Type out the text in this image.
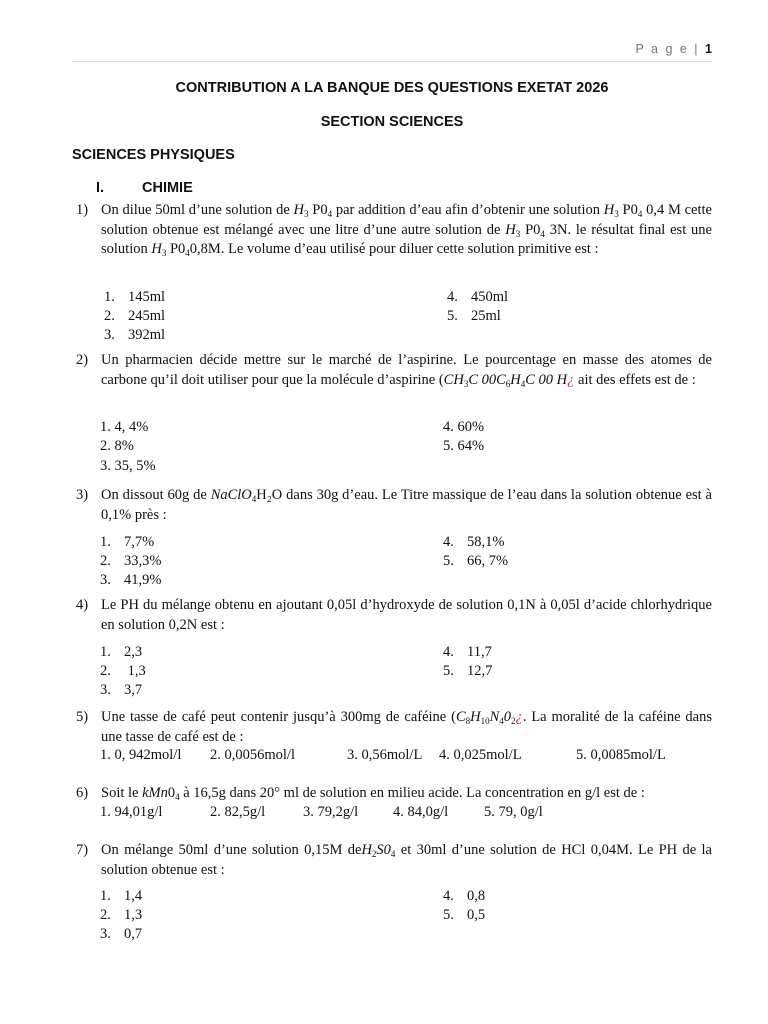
P a g e | 1
CONTRIBUTION A LA BANQUE DES QUESTIONS EXETAT 2026
SECTION SCIENCES
SCIENCES PHYSIQUES
I.	CHIMIE
1) On dilue 50ml d’une solution de $H_3$ $P0_4$ par addition d’eau afin d’obtenir une solution $H_3$ $P0_4$ 0,4 M cette solution obtenue est mélangé avec une litre d’une autre solution de $H_3$ $P0_4$ 3N. le résultat final est une solution $H_3$ $P0_40,8M$. Le volume d’eau utilisé pour diluer cette solution primitive est :
1. 145ml
2. 245ml
3. 392ml
4. 450ml
5. 25ml
2) Un pharmacien décide mettre sur le marché de l’aspirine. Le pourcentage en masse des atomes de carbone qu’il doit utiliser pour que la molécule d’aspirine ($CH_3C$ $00C_6H_4C$ 00 H¿ ait des effets est de :
1. 4, 4%
2. 8%
3. 35, 5%
4. 60%
5. 64%
3) On dissout 60g de NaClO$_4$H₂O dans 30g d’eau. Le Titre massique de l’eau dans la solution obtenue est à 0,1% près :
1. 7,7%
2. 33,3%
3. 41,9%
4. 58,1%
5. 66, 7%
4) Le PH du mélange obtenu en ajoutant 0,05l d’hydroxyde de solution 0,1N à 0,05l d’acide chlorhydrique en solution 0,2N est :
1. 2,3
2. 1,3
3. 3,7
4. 11,7
5. 12,7
5) Une tasse de café peut contenir jusqu’à 300mg de caféine ($C_8H_{10}N_40_2¿$. La moralité de la caféine dans une tasse de café est de :
1. 0, 942mol/l 2. 0,0056mol/l	3. 0,56mol/L 4. 0,025mol/L	5. 0,0085mol/L
6) Soit le $kMn0_4$ à 16,5g dans 20° ml de solution en milieu acide. La concentration en g/l est de :
1. 94,01g/l	2. 82,5g/l	3. 79,2g/l 4. 84,0g/l 5. 79, 0g/l
7) On mélange 50ml d’une solution 0,15M $deH_2S0_4$ et 30ml d’une solution de HCl 0,04M. Le PH de la solution obtenue est :
1. 1,4
2. 1,3
3. 0,7
4. 0,8
5. 0,5
